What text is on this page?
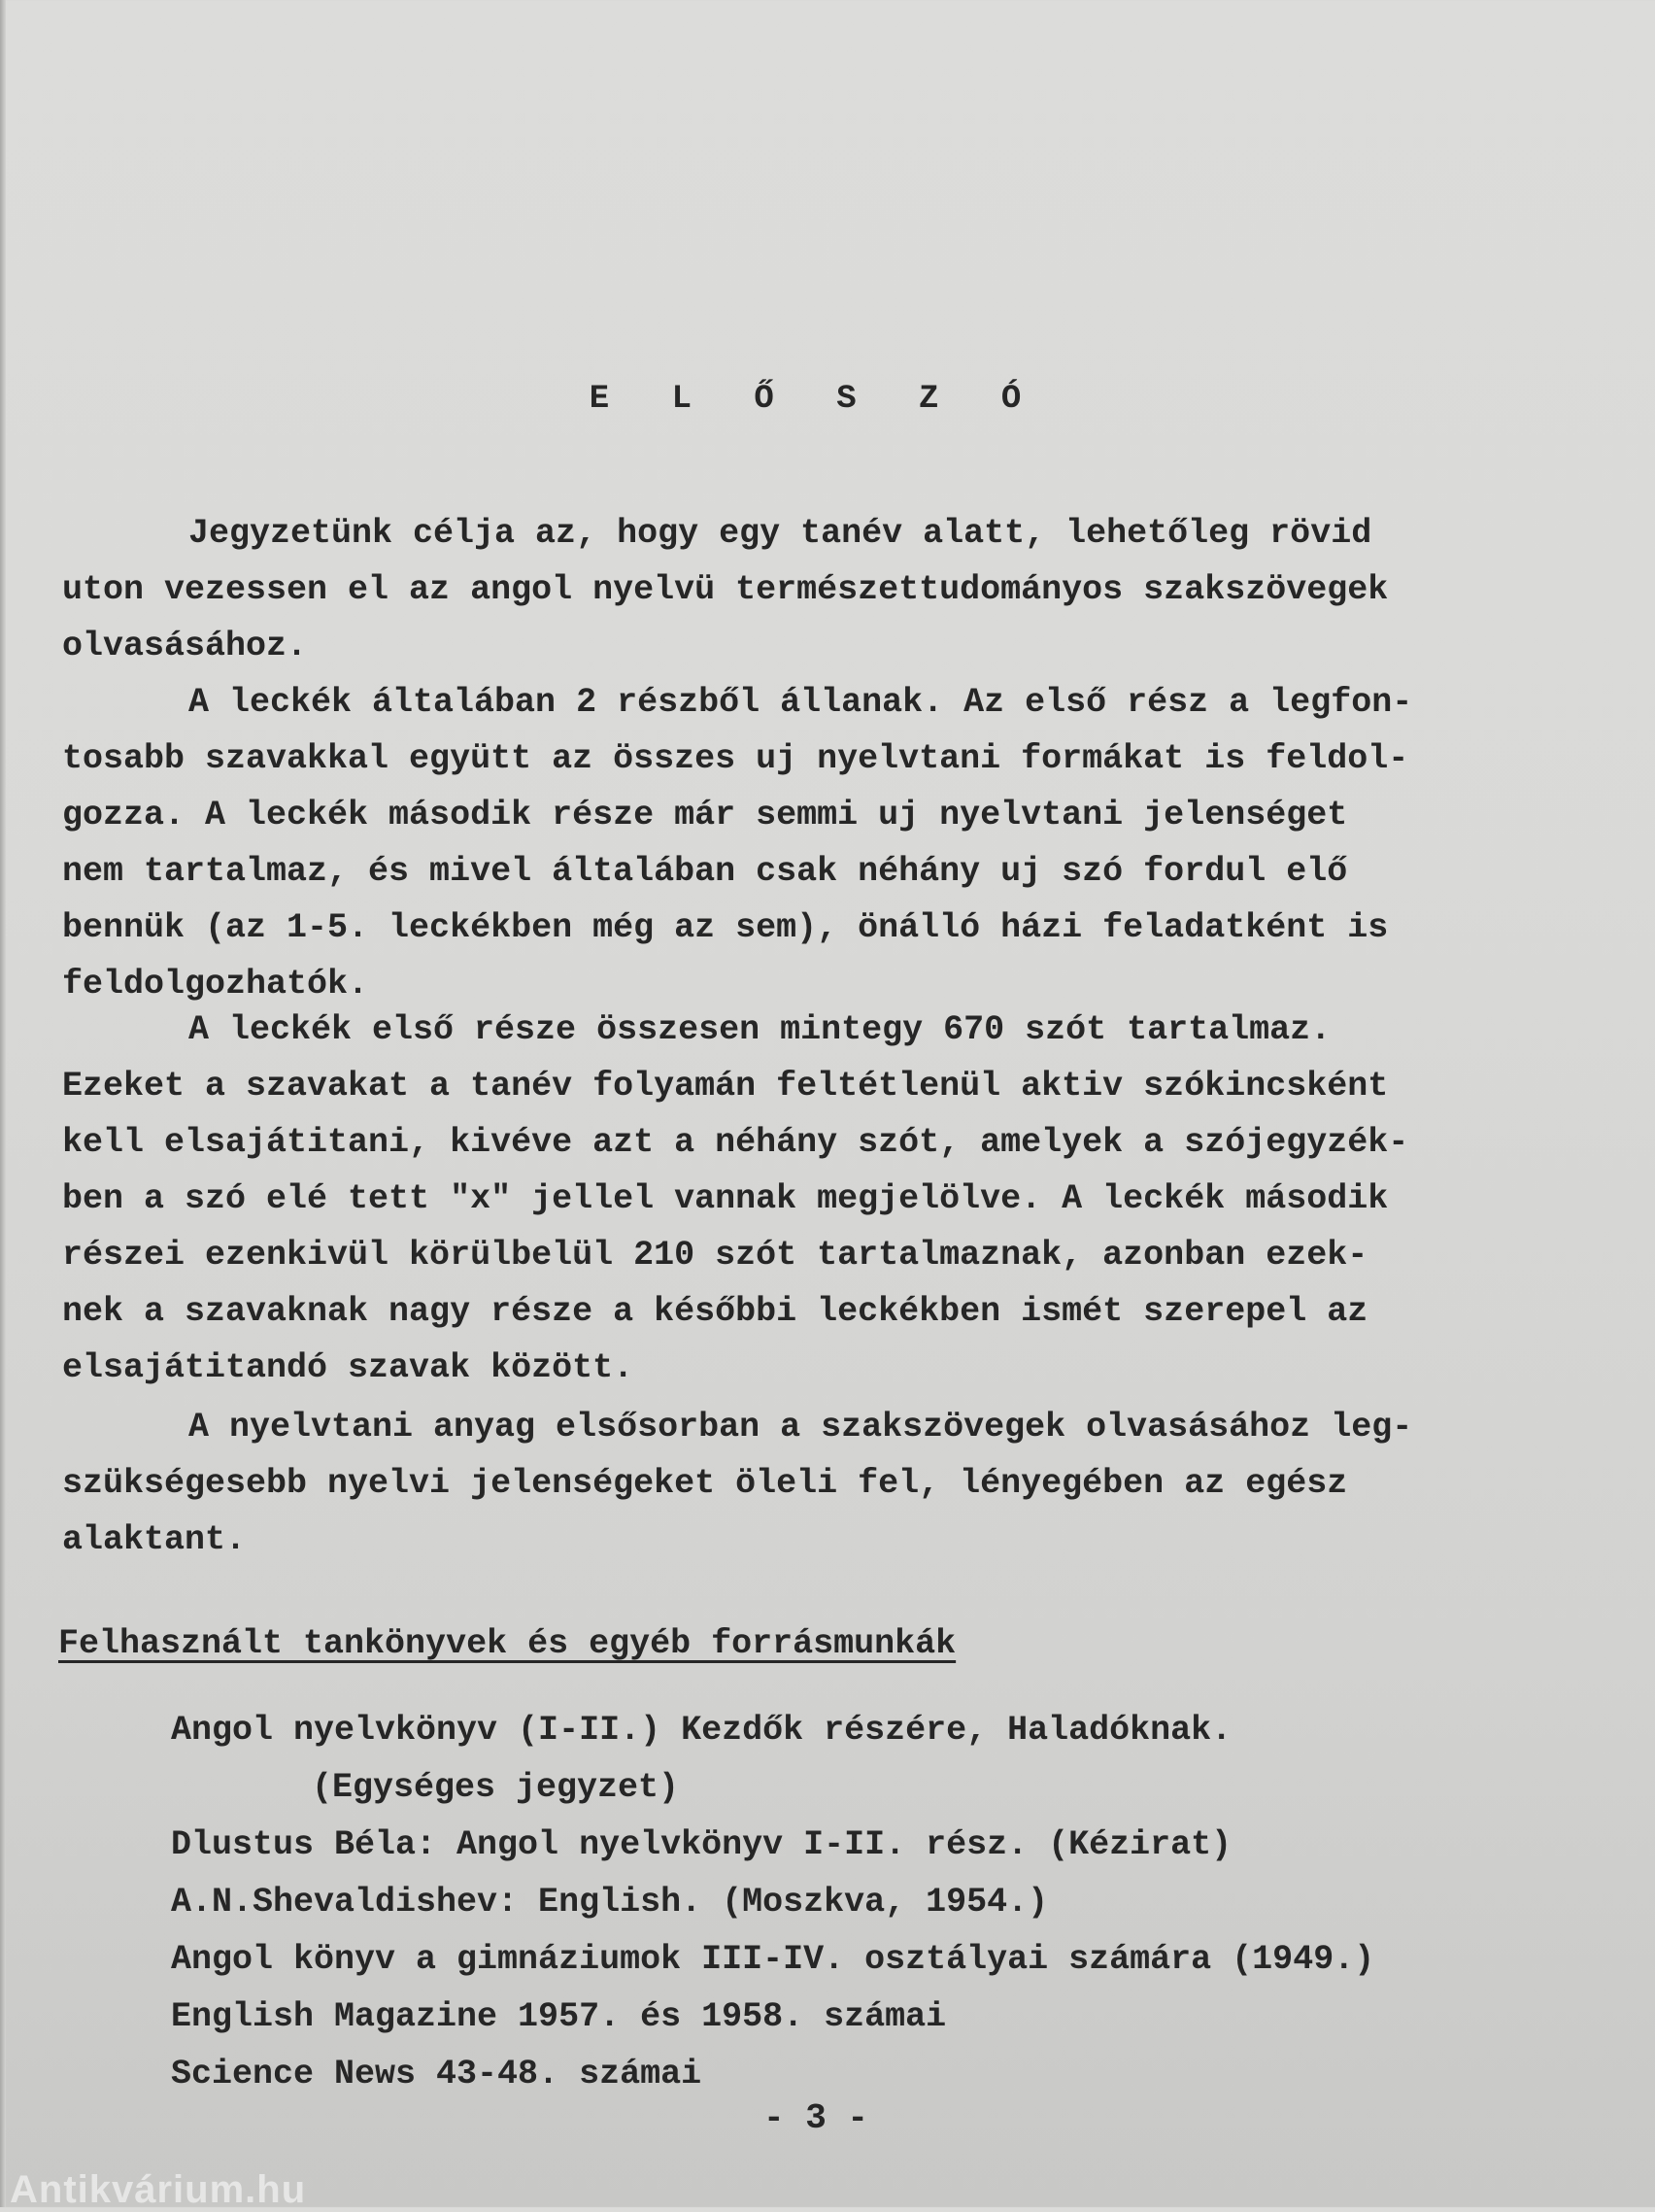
E L Ő S Z Ó
Jegyzetünk célja az, hogy egy tanév alatt, lehetőleg rövid
uton vezessen el az angol nyelvü természettudományos szakszövegek
olvasásához.
A leckék általában 2 részből állanak. Az első rész a legfon-
tosabb szavakkal együtt az összes uj nyelvtani formákat is feldol-
gozza. A leckék második része már semmi uj nyelvtani jelenséget
nem tartalmaz, és mivel általában csak néhány uj szó fordul elő
bennük (az 1-5. leckékben még az sem), önálló házi feladatként is
feldolgozhatók.
A leckék első része összesen mintegy 670 szót tartalmaz.
Ezeket a szavakat a tanév folyamán feltétlenül aktiv szókincsként
kell elsajátitani, kivéve azt a néhány szót, amelyek a szójegyzék-
ben a szó elé tett "x" jellel vannak megjelölve. A leckék második
részei ezenkivül körülbelül 210 szót tartalmaznak, azonban ezek-
nek a szavaknak nagy része a későbbi leckékben ismét szerepel az
elsajátitandó szavak között.
A nyelvtani anyag elsősorban a szakszövegek olvasásához leg-
szükségesebb nyelvi jelenségeket öleli fel, lényegében az egész
alaktant.
Felhasznált tankönyvek és egyéb forrásmunkák
Angol nyelvkönyv (I-II.) Kezdők részére, Haladóknak.
(Egységes jegyzet)
Dlustus Béla: Angol nyelvkönyv I-II. rész. (Kézirat)
A.N.Shevaldishev: English. (Moszkva, 1954.)
Angol könyv a gimnáziumok III-IV. osztályai számára (1949.)
English Magazine 1957. és 1958. számai
Science News 43-48. számai
- 3 -
Antikvárium.hu
